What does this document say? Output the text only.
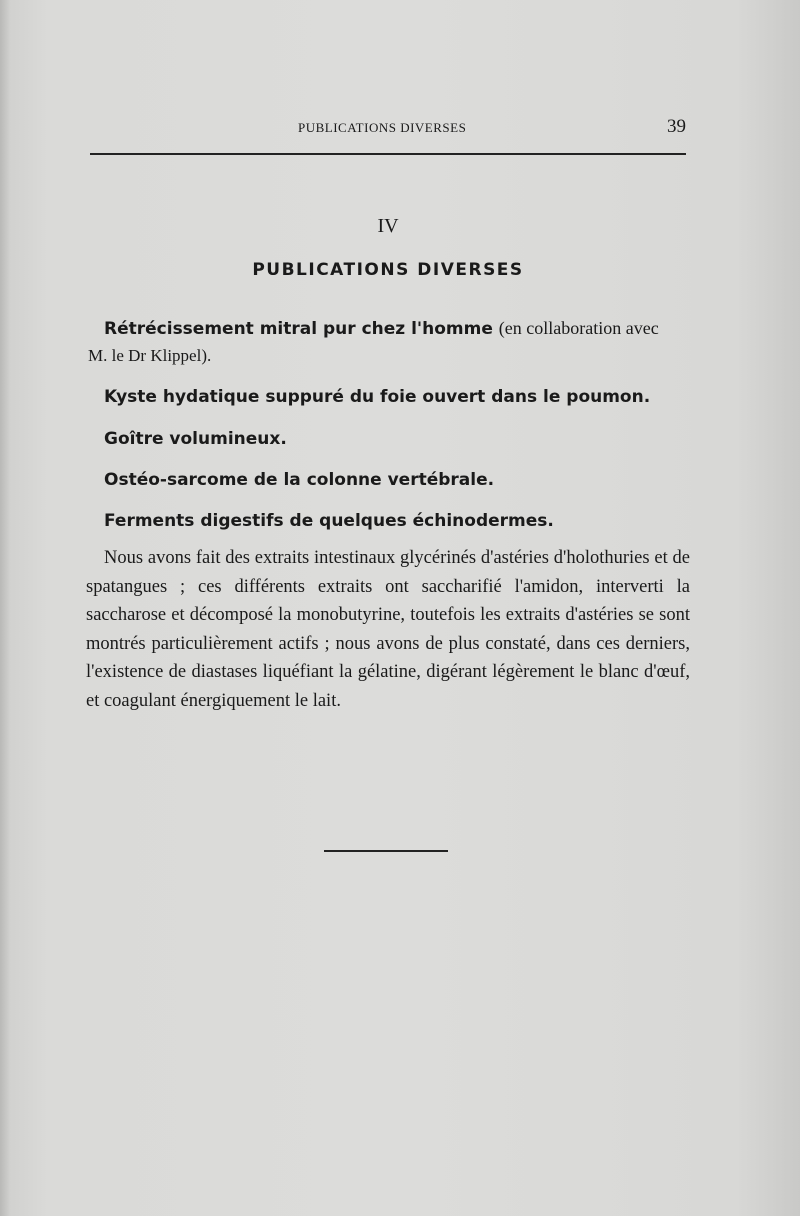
PUBLICATIONS DIVERSES	39
IV
PUBLICATIONS DIVERSES
Rétrécissement mitral pur chez l'homme (en collaboration avec
M. le Dr Klippel).
Kyste hydatique suppuré du foie ouvert dans le poumon.
Goître volumineux.
Ostéo-sarcome de la colonne vertébrale.
Ferments digestifs de quelques échinodermes.
Nous avons fait des extraits intestinaux glycérinés d'astéries d'holothuries et de spatangues ; ces différents extraits ont saccharifié l'amidon, interverti la saccharose et décomposé la monobutyrine, toutefois les extraits d'astéries se sont montrés particulièrement actifs ; nous avons de plus constaté, dans ces derniers, l'existence de diastases liquéfiant la gélatine, digérant légèrement le blanc d'œuf, et coagulant énergiquement le lait.
